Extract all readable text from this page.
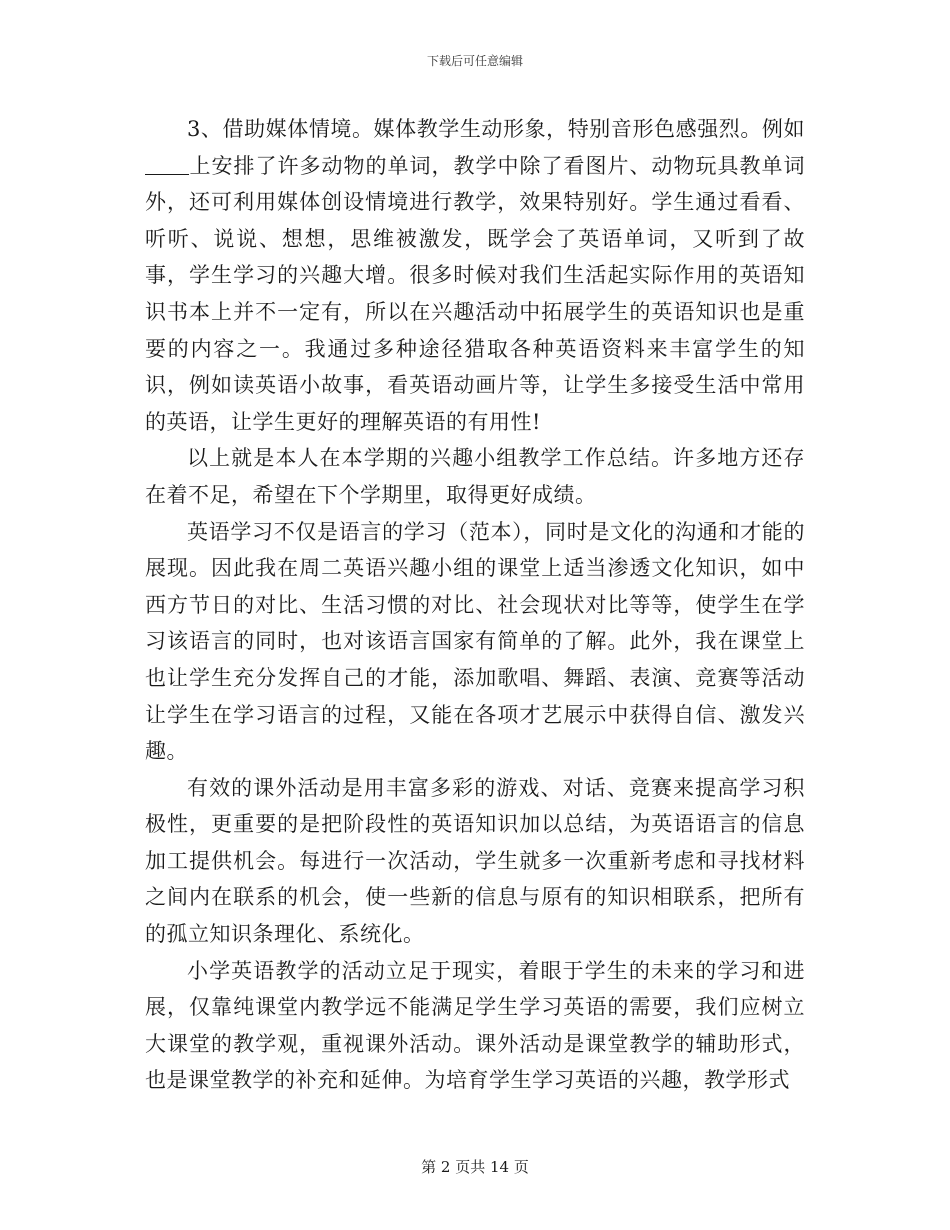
下载后可任意编辑

3、借助媒体情境。媒体教学生动形象，特别音形色感强烈。例如上安排了许多动物的单词，教学中除了看图片、动物玩具教单词外，还可利用媒体创设情境进行教学，效果特别好。学生通过看看、听听、说说、想想，思维被激发，既学会了英语单词，又听到了故事，学生学习的兴趣大增。很多时候对我们生活起实际作用的英语知识书本上并不一定有，所以在兴趣活动中拓展学生的英语知识也是重要的内容之一。我通过多种途径猎取各种英语资料来丰富学生的知识，例如读英语小故事，看英语动画片等，让学生多接受生活中常用的英语，让学生更好的理解英语的有用性!

以上就是本人在本学期的兴趣小组教学工作总结。许多地方还存在着不足，希望在下个学期里，取得更好成绩。

英语学习不仅是语言的学习（范本），同时是文化的沟通和才能的展现。因此我在周二英语兴趣小组的课堂上适当渗透文化知识，如中西方节日的对比、生活习惯的对比、社会现状对比等等，使学生在学习该语言的同时，也对该语言国家有简单的了解。此外，我在课堂上也让学生充分发挥自己的才能，添加歌唱、舞蹈、表演、竞赛等活动让学生在学习语言的过程，又能在各项才艺展示中获得自信、激发兴趣。

有效的课外活动是用丰富多彩的游戏、对话、竞赛来提高学习积极性，更重要的是把阶段性的英语知识加以总结，为英语语言的信息加工提供机会。每进行一次活动，学生就多一次重新考虑和寻找材料之间内在联系的机会，使一些新的信息与原有的知识相联系，把所有的孤立知识条理化、系统化。

小学英语教学的活动立足于现实，着眼于学生的未来的学习和进展，仅靠纯课堂内教学远不能满足学生学习英语的需要，我们应树立大课堂的教学观，重视课外活动。课外活动是课堂教学的辅助形式，也是课堂教学的补充和延伸。为培育学生学习英语的兴趣，教学形式

第 2 页共 14 页
